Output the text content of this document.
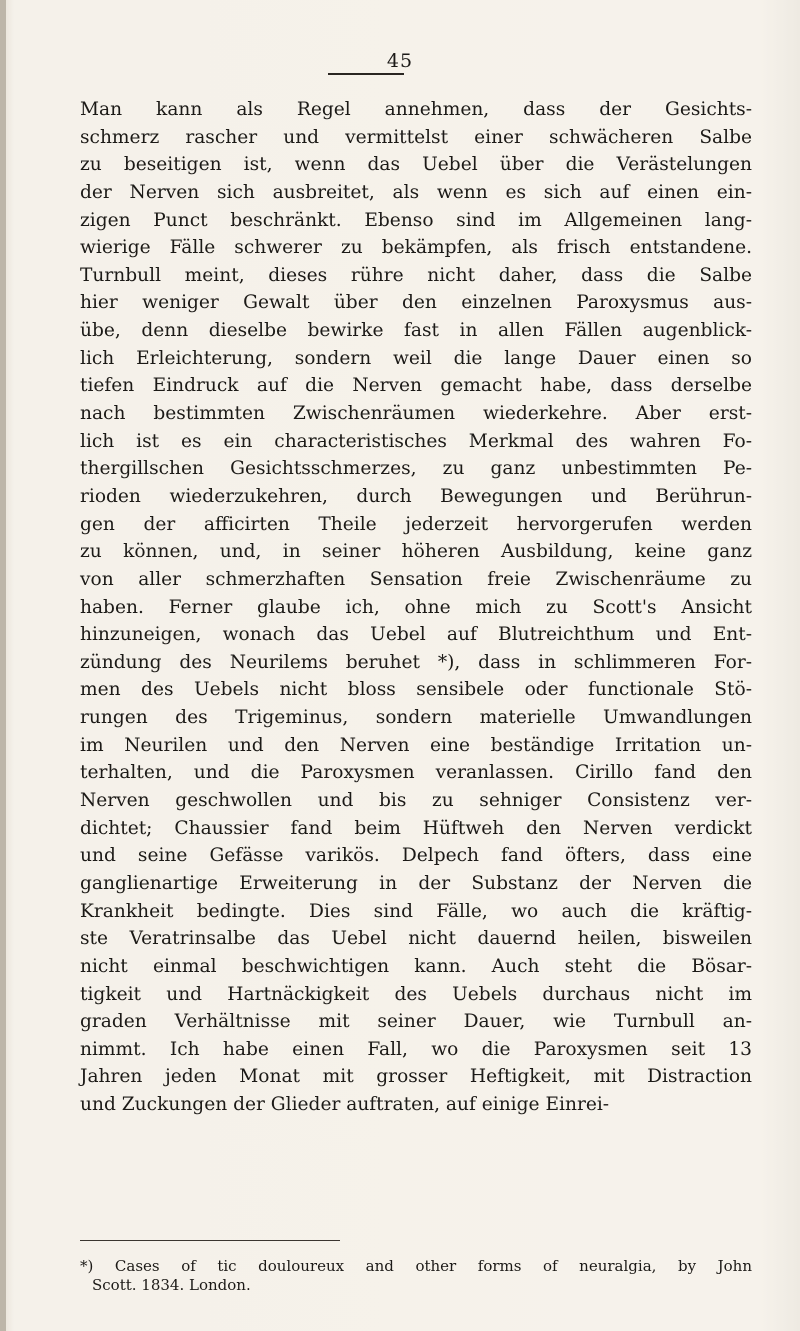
45
Man kann als Regel annehmen, dass der Gesichts-
schmerz rascher und vermittelst einer schwächeren Salbe
zu beseitigen ist, wenn das Uebel über die Verästelungen
der Nerven sich ausbreitet, als wenn es sich auf einen ein-
zigen Punct beschränkt. Ebenso sind im Allgemeinen lang-
wierige Fälle schwerer zu bekämpfen, als frisch entstandene.
Turnbull meint, dieses rühre nicht daher, dass die Salbe
hier weniger Gewalt über den einzelnen Paroxysmus aus-
übe, denn dieselbe bewirke fast in allen Fällen augenblick-
lich Erleichterung, sondern weil die lange Dauer einen so
tiefen Eindruck auf die Nerven gemacht habe, dass derselbe
nach bestimmten Zwischenräumen wiederkehre. Aber erst-
lich ist es ein characteristisches Merkmal des wahren Fo-
thergillschen Gesichtsschmerzes, zu ganz unbestimmten Pe-
rioden wiederzukehren, durch Bewegungen und Berührun-
gen der afficirten Theile jederzeit hervorgerufen werden
zu können, und, in seiner höheren Ausbildung, keine ganz
von aller schmerzhaften Sensation freie Zwischenräume zu
haben. Ferner glaube ich, ohne mich zu Scott's Ansicht
hinzuneigen, wonach das Uebel auf Blutreichthum und Ent-
zündung des Neurilems beruhet *), dass in schlimmeren For-
men des Uebels nicht bloss sensibele oder functionale Stö-
rungen des Trigeminus, sondern materielle Umwandlungen
im Neurilen und den Nerven eine beständige Irritation un-
terhalten, und die Paroxysmen veranlassen. Cirillo fand den
Nerven geschwollen und bis zu sehniger Consistenz ver-
dichtet; Chaussier fand beim Hüftweh den Nerven verdickt
und seine Gefässe varikös. Delpech fand öfters, dass eine
ganglienartige Erweiterung in der Substanz der Nerven die
Krankheit bedingte. Dies sind Fälle, wo auch die kräftig-
ste Veratrinsalbe das Uebel nicht dauernd heilen, bisweilen
nicht einmal beschwichtigen kann. Auch steht die Bösar-
tigkeit und Hartnäckigkeit des Uebels durchaus nicht im
graden Verhältnisse mit seiner Dauer, wie Turnbull an-
nimmt. Ich habe einen Fall, wo die Paroxysmen seit 13
Jahren jeden Monat mit grosser Heftigkeit, mit Distraction
und Zuckungen der Glieder auftraten, auf einige Einrei-
*) Cases of tic douloureux and other forms of neuralgia, by John
Scott. 1834. London.
